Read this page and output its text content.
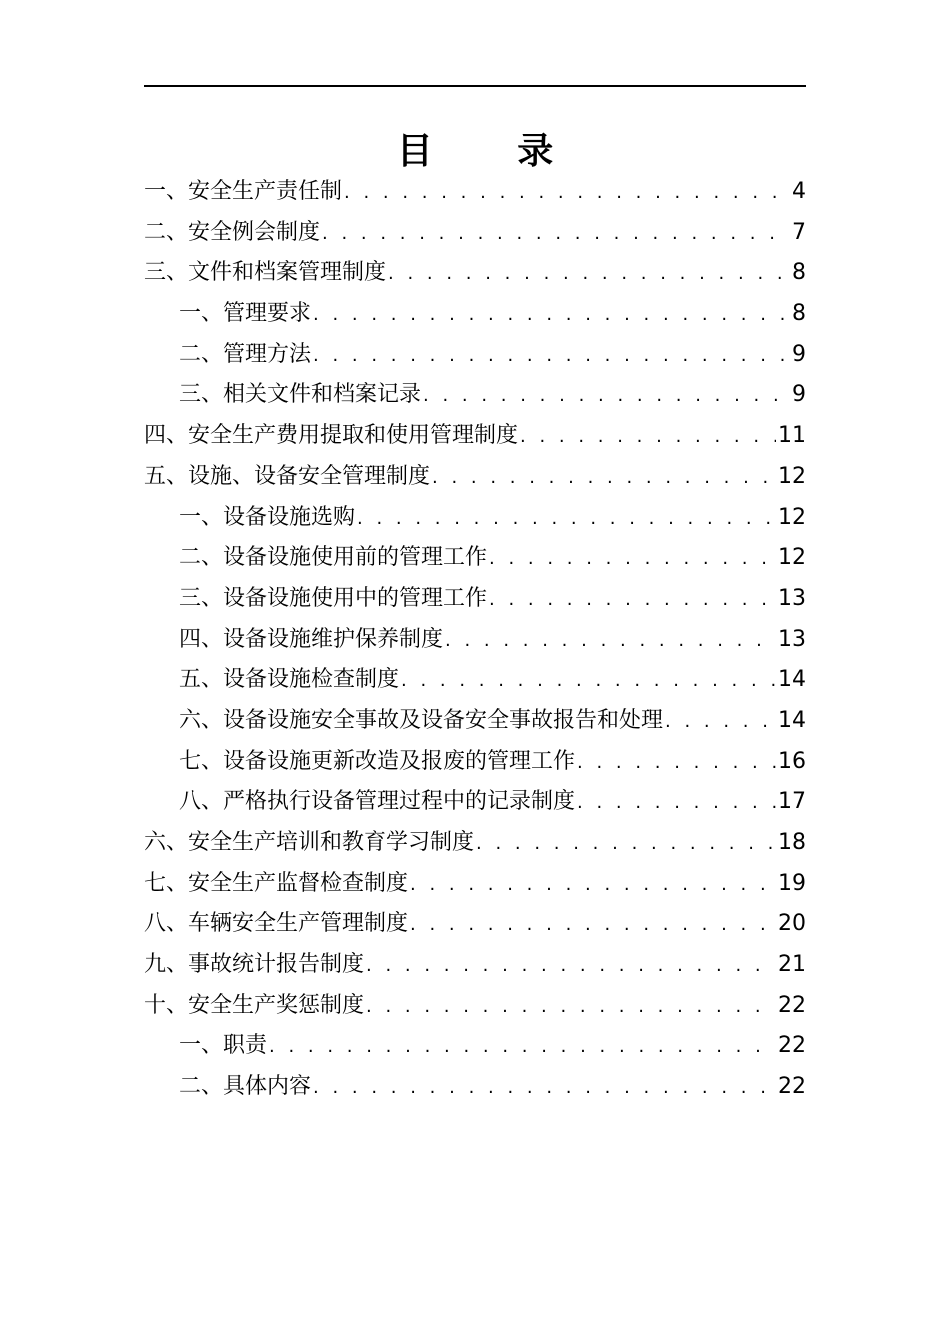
目 录
一、安全生产责任制 . . .	4
二、安全例会制度 . . .	7
三、文件和档案管理制度 . . .	8
一、管理要求 . . .	8
二、管理方法 . . .	9
三、相关文件和档案记录 . . .	9
四、安全生产费用提取和使用管理制度 . . .	11
五、设施、设备安全管理制度 . . .	12
一、设备设施选购 . . .	12
二、设备设施使用前的管理工作 . . .	12
三、设备设施使用中的管理工作 . . .	13
四、设备设施维护保养制度 . . .	13
五、设备设施检查制度 . . .	14
六、设备设施安全事故及设备安全事故报告和处理 . . .	14
七、设备设施更新改造及报废的管理工作 . . .	16
八、严格执行设备管理过程中的记录制度 . . .	17
六、安全生产培训和教育学习制度 . . .	18
七、安全生产监督检查制度 . . .	19
八、车辆安全生产管理制度 . . .	20
九、事故统计报告制度 . . .	21
十、安全生产奖惩制度 . . .	22
一、职责 . . .	22
二、具体内容 . . .	22
